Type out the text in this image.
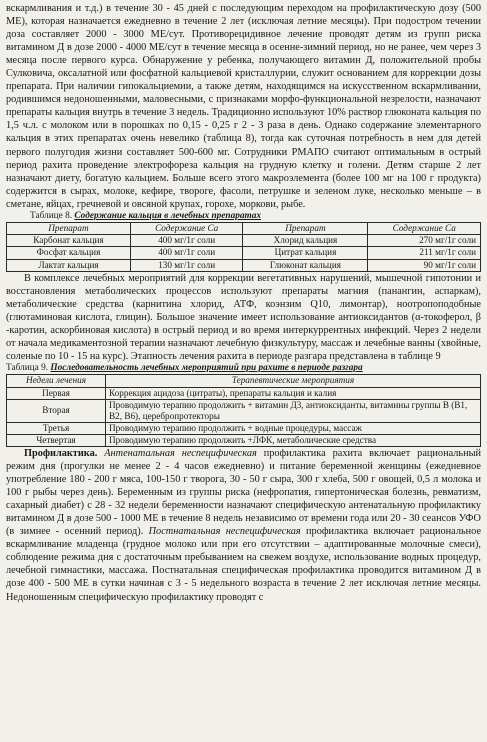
вскармливания и т.д.) в течение 30 - 45 дней с последующим переходом на профилактическую дозу (500 МЕ), которая назначается ежедневно в течение 2 лет (исключая летние месяцы). При подостром течении доза составляет 2000 - 3000 МЕ/сут. Противорецидивное лечение проводят детям из групп риска витамином Д в дозе 2000 - 4000 МЕ/сут в течение месяца в осенне-зимний период, но не ранее, чем через 3 месяца после первого курса. Обнаружение у ребенка, получающего витамин Д, положительной пробы Сулковича, оксалатной или фосфатной кальциевой кристаллурии, служит основанием для коррекции дозы препарата. При наличии гипокальциемии, а также детям, находящимся на искусственном вскармливании, родившимся недоношенными, маловесными, с признаками морфо-функциональной незрелости, назначают препараты кальция внутрь в течение 3 недель. Традиционно используют 10% раствор глюконата кальция по 1,5 ч.л. с молоком или в порошках по 0,15 - 0,25 г 2 - 3 раза в день. Однако содержание элементарного кальция в этих препаратах очень невелико (таблица 8), тогда как суточная потребность в нем для детей первого полугодия жизни составляет 500-600 мг. Сотрудники РМАПО считают оптимальным в острый период рахита проведение электрофореза кальция на грудную клетку и голени. Детям старше 2 лет назначают диету, богатую кальцием. Больше всего этого макроэлемента (более 100 мг на 100 г продукта) содержится в сырах, молоке, кефире, твороге, фасоли, петрушке и зеленом луке, несколько меньше – в сметане, яйцах, гречневой и овсяной крупах, горохе, моркови, рыбе.

Таблице 8. Содержание кальция в лечебных препаратах
Препарат	Содержание Са	Препарат	Содержание Са
Карбонат кальция	400 мг/1г соли	Хлорид кальция	270 мг/1г соли
Фосфат кальция	400 мг/1г соли	Цитрат кальция	211 мг/1г соли
Лактат кальция	130 мг/1г соли	Глюконат кальция	90 мг/1г соли

В комплексе лечебных мероприятий для коррекции вегетативных нарушений, мышечной гипотонии и восстановления метаболических процессов используют препараты магния (панангин, аспаркам), метаболические средства (карнитина хлорид, АТФ, коэнзим Q10, лимонтар), ноотропоподобные (глютаминовая кислота, глицин). Большое значение имеет использование антиоксидантов (α-токоферол, β -каротин, аскорбиновая кислота) в острый период и во время интеркуррентных инфекций. Через 2 недели от начала медикаментозной терапии назначают лечебную физкультуру, массаж и лечебные ванны (хвойные, соленые по 10 - 15 на курс). Этапность лечения рахита в периоде разгара представлена в таблице 9

Таблица 9. Последовательность лечебных мероприятий при рахите в периоде разгара
Недели лечения	Терапевтические мероприятия
Первая	Коррекция ацидоза (цитраты), препараты кальция и калия
Вторая	Проводимую терапию продолжить + витамин Д3, антиоксиданты, витамины группы В (В1, В2, В6), церебропротекторы
Третья	Проводимую терапию продолжить + водные процедуры, массаж
Четвертая	Проводимую терапию продолжить +ЛФК, метаболические средства

Профилактика. Антенатальная неспецифическая профилактика рахита включает рациональный режим дня (прогулки не менее 2 - 4 часов ежедневно) и питание беременной женщины (ежедневное употребление 180 - 200 г мяса, 100-150 г творога, 30 - 50 г сыра, 300 г хлеба, 500 г овощей, 0,5 л молока и 100 г рыбы через день). Беременным из группы риска (нефропатия, гипертоническая болезнь, ревматизм, сахарный диабет) с 28 - 32 недели беременности назначают специфическую антенатальную профилактику витамином Д в дозе 500 - 1000 МЕ в течение 8 недель независимо от времени года или 20 - 30 сеансов УФО (в зимнее - осенний период). Постнатальная неспецифическая профилактика включает рациональное вскармливание младенца (грудное молоко или при его отсутствии – адаптированные молочные смеси), соблюдение режима дня с достаточным пребыванием на свежем воздухе, использование водных процедур, лечебной гимнастики, массажа. Постнатальная специфическая профилактика проводится витамином Д в дозе 400 - 500 МЕ в сутки начиная с 3 - 5 недельного возраста в течение 2 лет исключая летние месяцы. Недоношенным специфическую профилактику проводят с
